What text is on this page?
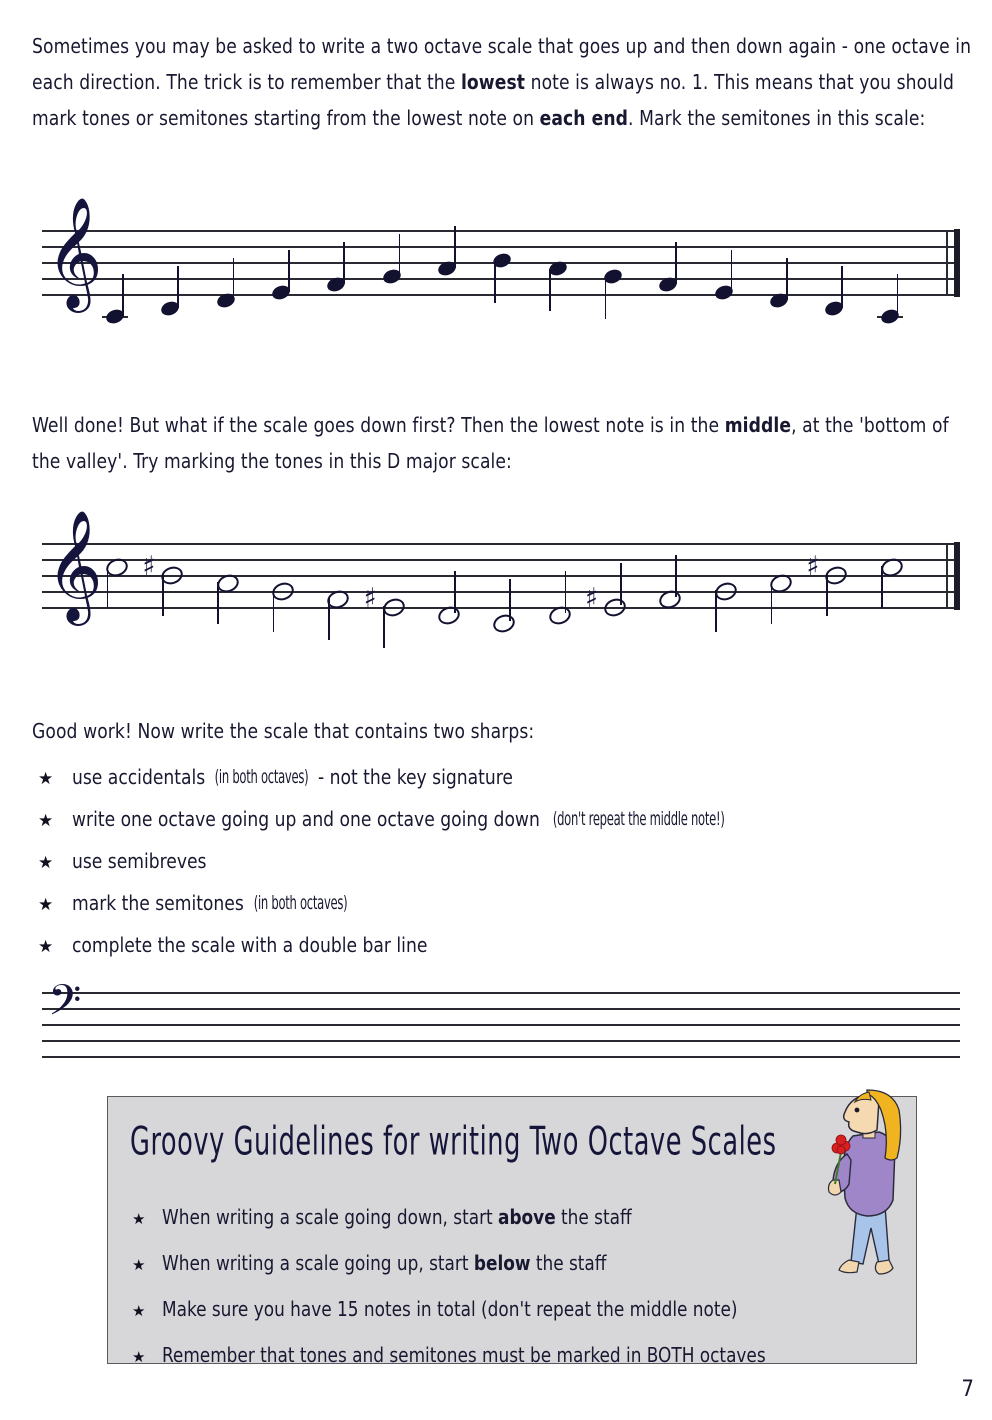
Sometimes you may be asked to write a two octave scale that goes up and then down again - one octave in each direction. The trick is to remember that the lowest note is always no. 1. This means that you should mark tones or semitones starting from the lowest note on each end. Mark the semitones in this scale:
𝄞
Well done! But what if the scale goes down first? Then the lowest note is in the middle, at the 'bottom of the valley'. Try marking the tones in this D major scale:
𝄞 ♯
♯	♯
♯
Good work! Now write the scale that contains two sharps:
★ use accidentals (in both octaves) - not the key signature
★ write one octave going up and one octave going down (don't repeat the middle note!)
★ use semibreves
★ mark the semitones (in both octaves)
★ complete the scale with a double bar line
𝄢
Groovy Guidelines for writing Two Octave Scales
★ When writing a scale going down, start above the staff
★ When writing a scale going up, start below the staff
★ Make sure you have 15 notes in total (don't repeat the middle note)
★ Remember that tones and semitones must be marked in BOTH octaves
7
